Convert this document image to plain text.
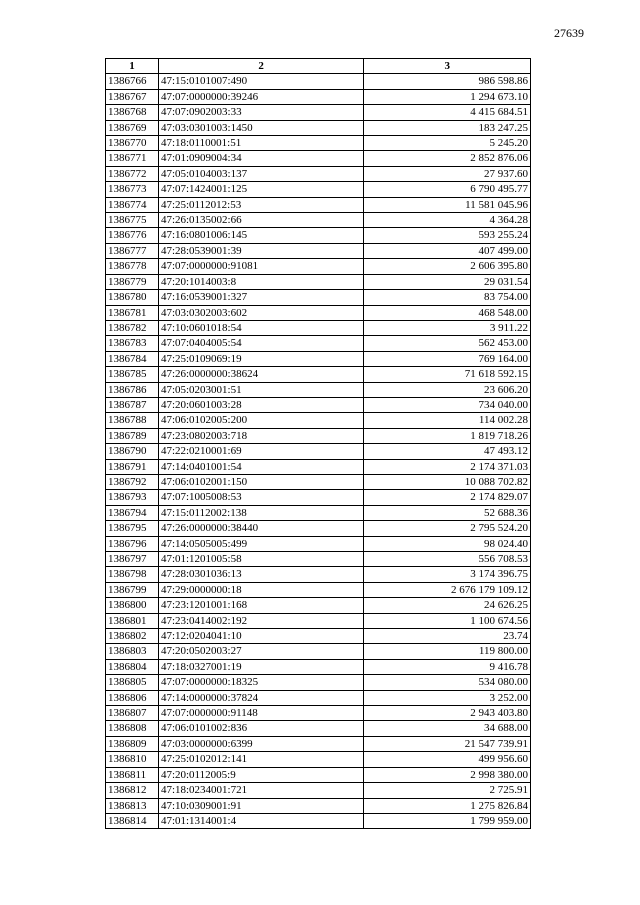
27639
1	2	3
1386766	47:15:0101007:490	986 598.86
1386767	47:07:0000000:39246	1 294 673.10
1386768	47:07:0902003:33	4 415 684.51
1386769	47:03:0301003:1450	183 247.25
1386770	47:18:0110001:51	5 245.20
1386771	47:01:0909004:34	2 852 876.06
1386772	47:05:0104003:137	27 937.60
1386773	47:07:1424001:125	6 790 495.77
1386774	47:25:0112012:53	11 581 045.96
1386775	47:26:0135002:66	4 364.28
1386776	47:16:0801006:145	593 255.24
1386777	47:28:0539001:39	407 499.00
1386778	47:07:0000000:91081	2 606 395.80
1386779	47:20:1014003:8	29 031.54
1386780	47:16:0539001:327	83 754.00
1386781	47:03:0302003:602	468 548.00
1386782	47:10:0601018:54	3 911.22
1386783	47:07:0404005:54	562 453.00
1386784	47:25:0109069:19	769 164.00
1386785	47:26:0000000:38624	71 618 592.15
1386786	47:05:0203001:51	23 606.20
1386787	47:20:0601003:28	734 040.00
1386788	47:06:0102005:200	114 002.28
1386789	47:23:0802003:718	1 819 718.26
1386790	47:22:0210001:69	47 493.12
1386791	47:14:0401001:54	2 174 371.03
1386792	47:06:0102001:150	10 088 702.82
1386793	47:07:1005008:53	2 174 829.07
1386794	47:15:0112002:138	52 688.36
1386795	47:26:0000000:38440	2 795 524.20
1386796	47:14:0505005:499	98 024.40
1386797	47:01:1201005:58	556 708.53
1386798	47:28:0301036:13	3 174 396.75
1386799	47:29:0000000:18	2 676 179 109.12
1386800	47:23:1201001:168	24 626.25
1386801	47:23:0414002:192	1 100 674.56
1386802	47:12:0204041:10	23.74
1386803	47:20:0502003:27	119 800.00
1386804	47:18:0327001:19	9 416.78
1386805	47:07:0000000:18325	534 080.00
1386806	47:14:0000000:37824	3 252.00
1386807	47:07:0000000:91148	2 943 403.80
1386808	47:06:0101002:836	34 688.00
1386809	47:03:0000000:6399	21 547 739.91
1386810	47:25:0102012:141	499 956.60
1386811	47:20:0112005:9	2 998 380.00
1386812	47:18:0234001:721	2 725.91
1386813	47:10:0309001:91	1 275 826.84
1386814	47:01:1314001:4	1 799 959.00
